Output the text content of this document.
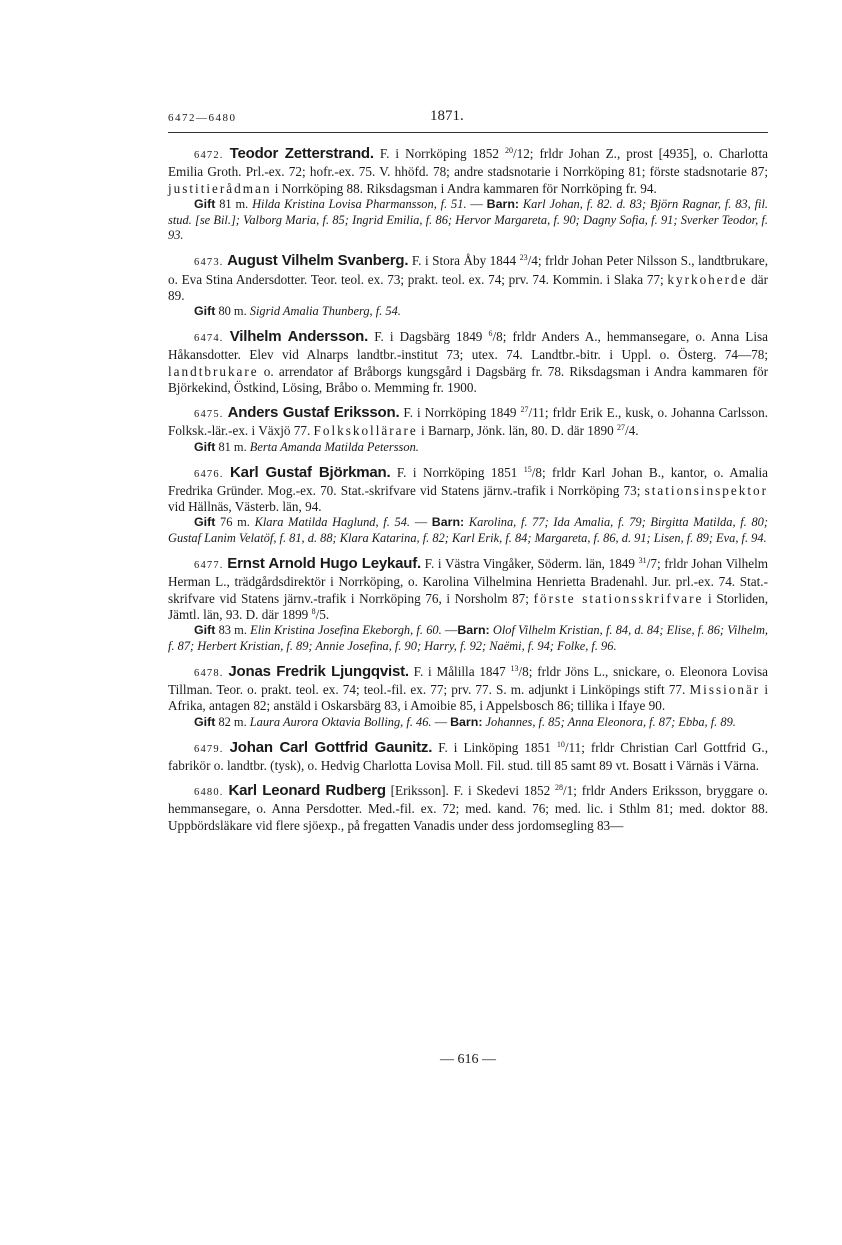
6472—6480	1871.

6472. Teodor Zetterstrand. F. i Norrköping 1852 $^{20}$/12; frldr Johan Z., prost [4935], o. Charlotta Emilia Groth. Prl.-ex. 72; hofr.-ex. 75. V. hhöfd. 78; andre stadsnotarie i Norrköping 81; förste stadsnotarie 87; justitierådman i Norrköping 88. Riksdagsman i Andra kammaren för Norrköping fr. 94.

Gift 81 m. Hilda Kristina Lovisa Pharmansson, f. 51. — Barn: Karl Johan, f. 82. d. 83; Björn Ragnar, f. 83, fil. stud. [se Bil.]; Valborg Maria, f. 85; Ingrid Emilia, f. 86; Hervor Margareta, f. 90; Dagny Sofia, f. 91; Sverker Teodor, f. 93.

6473. August Vilhelm Svanberg. F. i Stora Åby 1844 $^{23}$/4; frldr Johan Peter Nilsson S., landtbrukare, o. Eva Stina Andersdotter. Teor. teol. ex. 73; prakt. teol. ex. 74; prv. 74. Kommin. i Slaka 77; kyrkoherde där 89.

Gift 80 m. Sigrid Amalia Thunberg, f. 54.

6474. Vilhelm Andersson. F. i Dagsbärg 1849 $^6$/8; frldr Anders A., hemmansegare, o. Anna Lisa Håkansdotter. Elev vid Alnarps landtbr.-institut 73; utex. 74. Landtbr.-bitr. i Uppl. o. Österg. 74—78; landtbrukare o. arrendator af Bråborgs kungsgård i Dagsbärg fr. 78. Riksdagsman i Andra kammaren för Björkekind, Östkind, Lösing, Bråbo o. Memming fr. 1900.

6475. Anders Gustaf Eriksson. F. i Norrköping 1849 $^{27}$/11; frldr Erik E., kusk, o. Johanna Carlsson. Folksk.-lär.-ex. i Växjö 77. Folkskollärare i Barnarp, Jönk. län, 80. D. där 1890 $^{27}$/4.

Gift 81 m. Berta Amanda Matilda Petersson.

6476. Karl Gustaf Björkman. F. i Norrköping 1851 $^{15}$/8; frldr Karl Johan B., kantor, o. Amalia Fredrika Gründer. Mog.-ex. 70. Stat.-skrifvare vid Statens järnv.-trafik i Norrköping 73; stationsinspektor vid Hällnäs, Västerb. län, 94.

Gift 76 m. Klara Matilda Haglund, f. 54. — Barn: Karolina, f. 77; Ida Amalia, f. 79; Birgitta Matilda, f. 80; Gustaf Lanim Velatöf, f. 81, d. 88; Klara Katarina, f. 82; Karl Erik, f. 84; Margareta, f. 86, d. 91; Lisen, f. 89; Eva, f. 94.

6477. Ernst Arnold Hugo Leykauf. F. i Västra Vingåker, Söderm. län, 1849 $^{31}$/7; frldr Johan Vilhelm Herman L., trädgårdsdirektör i Norrköping, o. Karolina Vilhelmina Henrietta Bradenahl. Jur. prl.-ex. 74. Stat.-skrifvare vid Statens järnv.-trafik i Norrköping 76, i Norsholm 87; förste stationsskrifvare i Storliden, Jämtl. län, 93. D. där 1899 $^8$/5.

Gift 83 m. Elin Kristina Josefina Ekeborgh, f. 60. —Barn: Olof Vilhelm Kristian, f. 84, d. 84; Elise, f. 86; Vilhelm, f. 87; Herbert Kristian, f. 89; Annie Josefina, f. 90; Harry, f. 92; Naëmi, f. 94; Folke, f. 96.

6478. Jonas Fredrik Ljungqvist. F. i Målilla 1847 $^{13}$/8; frldr Jöns L., snickare, o. Eleonora Lovisa Tillman. Teor. o. prakt. teol. ex. 74; teol.-fil. ex. 77; prv. 77. S. m. adjunkt i Linköpings stift 77. Missionär i Afrika, antagen 82; anstäld i Oskarsbärg 83, i Amoibie 85, i Appelsbosch 86; tillika i Ifaye 90.

Gift 82 m. Laura Aurora Oktavia Bolling, f. 46. — Barn: Johannes, f. 85; Anna Eleonora, f. 87; Ebba, f. 89.

6479. Johan Carl Gottfrid Gaunitz. F. i Linköping 1851 $^{10}$/11; frldr Christian Carl Gottfrid G., fabrikör o. landtbr. (tysk), o. Hedvig Charlotta Lovisa Moll. Fil. stud. till 85 samt 89 vt. Bosatt i Värnäs i Värna.

6480. Karl Leonard Rudberg [Eriksson]. F. i Skedevi 1852 $^{28}$/1; frldr Anders Eriksson, bryggare o. hemmansegare, o. Anna Persdotter. Med.-fil. ex. 72; med. kand. 76; med. lic. i Sthlm 81; med. doktor 88. Uppbördsläkare vid flere sjöexp., på fregatten Vanadis under dess jordomsegling 83—

— 616 —
